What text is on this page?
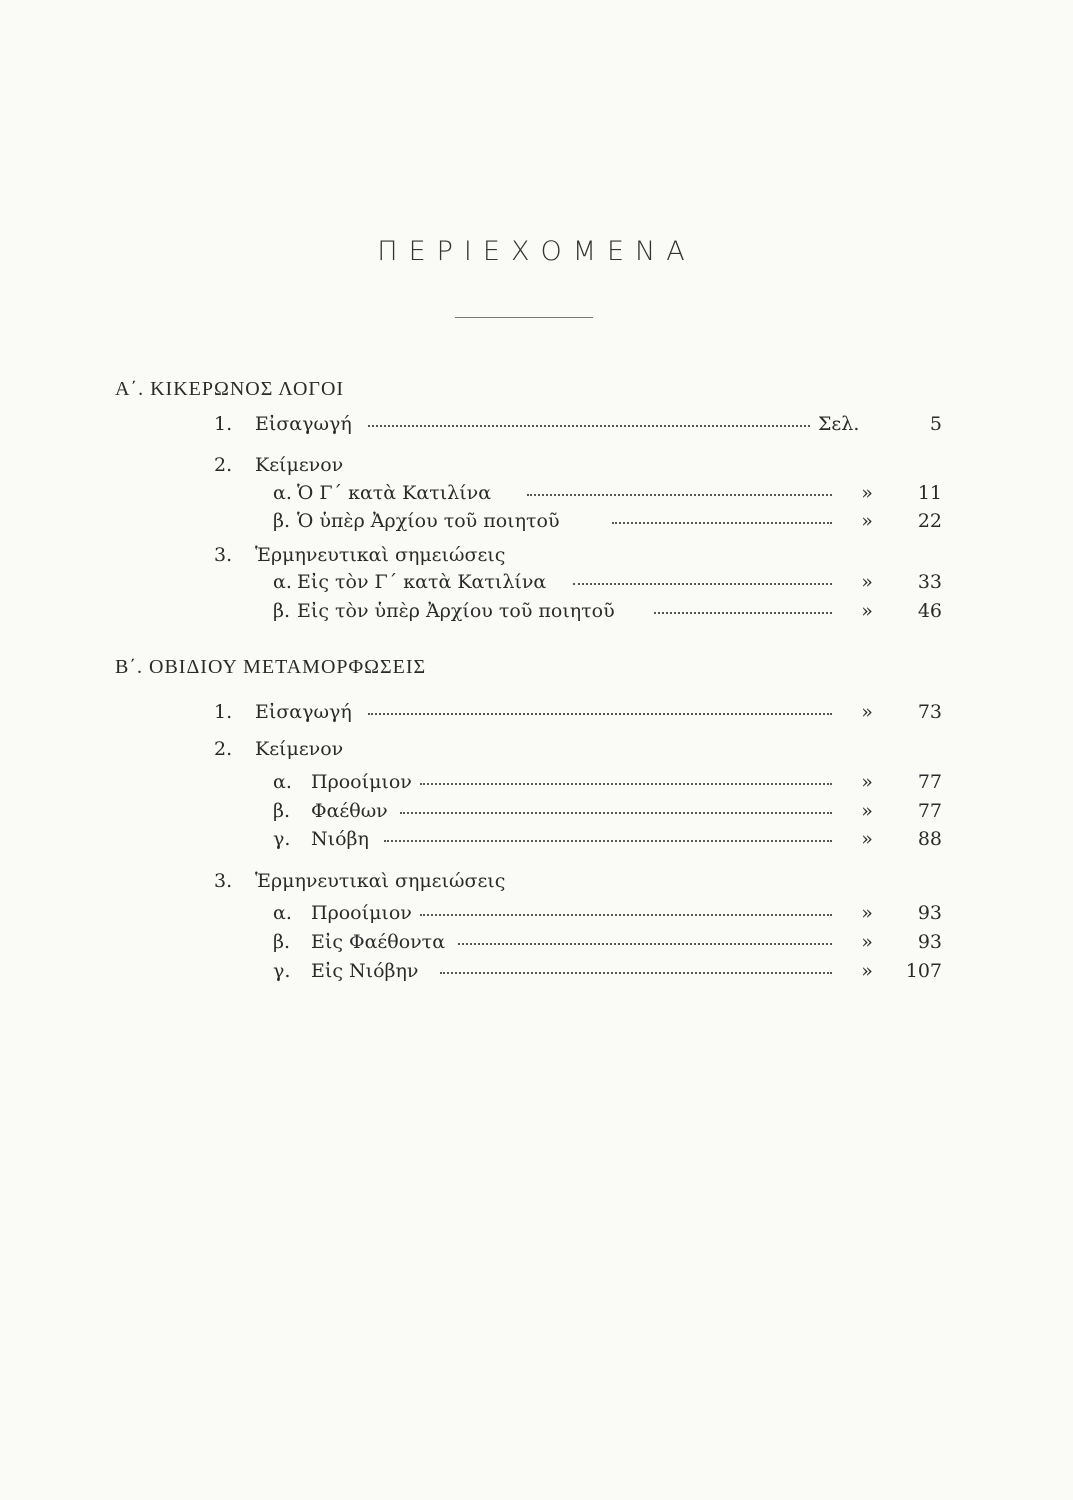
ΠΕΡΙΕΧΟΜΕΝΑ
Α΄. ΚΙΚΕΡΩΝΟΣ ΛΟΓΟΙ
1. Εἰσαγωγή	Σελ.	5
2. Κείμενον
α. Ὁ Γ΄ κατὰ Κατιλίνα	» 11
β. Ὁ ὑπὲρ Ἀρχίου τοῦ ποιητοῦ	» 22
3. Ἑρμηνευτικαὶ σημειώσεις
α. Εἰς τὸν Γ΄ κατὰ Κατιλίνα	» 33
β. Εἰς τὸν ὑπὲρ Ἀρχίου τοῦ ποιητοῦ	» 46
Β΄. ΟΒΙΔΙΟΥ ΜΕΤΑΜΟΡΦΩΣΕΙΣ
1. Εἰσαγωγή	» 73
2. Κείμενον
α. Προοίμιον	» 77
β. Φαέθων	» 77
γ. Νιόβη	» 88
3. Ἑρμηνευτικαὶ σημειώσεις
α. Προοίμιον	» 93
β. Εἰς Φαέθοντα	» 93
γ. Εἰς Νιόβην	» 107
